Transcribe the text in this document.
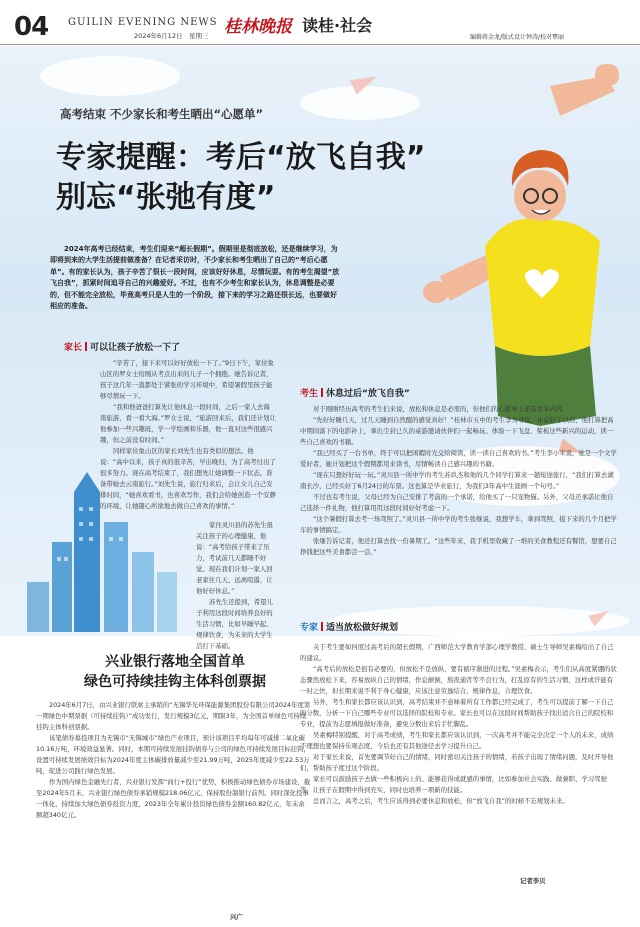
04 GUILIN EVENING NEWS
2024年6月12日　星期三 桂林晚报 读桂·社会
编辑蒋金龙/版式设计钟涛/校对覃丽
高考结束 不少家长和考生晒出“心愿单”
专家提醒：考后“放飞自我”
别忘“张弛有度”
2024年高考已经结束，考生们迎来“超长假期”。假期里是彻底放松，还是继续学习，为即将到来的大学生活提前做准备？在记者采访时，不少家长和考生晒出了自己的“考后心愿单”。有的家长认为，孩子辛苦了很长一段时间，应该好好休息，尽情玩耍。有的考生渴望“放飞自我”，抓紧时间追寻自己的兴趣爱好。不过，也有不少考生和家长认为，休息调整是必要的，但不能完全放松，毕竟高考只是人生的一个阶段，接下来的学习之路还很长远，也要做好相应的准备。
家长 可以让孩子放松一下了

“辛苦了，接下来可以好好放松一下了。”9日下午，家住象山区的罗女士给刚从考点出来的儿子一个拥抱。她告诉记者，孩子这几年一直都处于紧张的学习环境中，希望暑假里孩子能够尽情玩一下。

“我和他爸爸打算先让他休息一段时间，之后一家人去海南旅游，看一看大海。”罗女士说，“旅游回来后，我们还计划让他参加一些兴趣班，学一学绘画和乐器，他一直对这些很感兴趣，但之前没有时间。”

同样家住象山区的家长刘先生也有类似的想法。他说：“高中以来，孩子真的很辛苦，早出晚归，为了高考付出了很多努力。现在高考结束了，我们想先让她调整一下状态，准备带她去云南旅行。”刘先生说，旅行归来后，会让女儿自己安排时间，“她喜欢看书，也喜欢写作，我们会给她创造一个安静的环境，让她随心所欲地去做自己喜欢的事情。”

家住灵川县的苏先生很关注孩子的心理健康，他说：“高考给孩子带来了压力，考试前几天都睡不好觉。现在我们计划一家人回老家住几天，远离喧嚣，让他好好休息。”

苏先生还提到，希望儿子利用这段时间培养良好的生活习惯，比如早睡早起、规律饮食，为未来的大学生活打下基础。

考生 休息过后“放飞自我”

对于刚刚经历高考的考生们来说，放松和休息是必需的，但他们的心愿单上还有更多内容。

“先好好睡几天，过几天睡到自然醒的感觉真好！”桂林市五中的考生李为寻说，休息好了以后，他打算把高中期间落下的电影补上，拿出尘封已久的桌游邀请伙伴们一起畅玩。体验一下飞盘、桨板这些新兴的运动，读一些自己喜欢的书籍。

“我已经买了一台书单，终于可以把闲暇时光交给阅读，读一读自己喜欢的书。”考生李小米说，她是一个文学爱好者，她计划把这个假期都用来读书，尽情畅读自己感兴趣的书籍。

“现在只想好好玩一玩。”灵川县一所中学的考生苏玖杰和他的几个同学打算来一趟短途旅行，“我们打算去湖南长沙，已经买好了6月24日的车票。这也算是毕业旅行，为我们3年高中生涯画一个句号。”

不过也有考生说，父母已经为自己安排了考前的一个承诺，给他买了一只宠物猫。另外，父母还承诺让他自己选择一件礼物，他打算用用这段时间好好考虑一下。

“这个暑假打算去考一场驾照了。”灵川县一所中学的考生张继说，我想学车，拿到驾照，接下来的几个月把学车的事情搞定。

张继告诉记者，他还打算去找一份暑期工。“这些年来，我手机里收藏了一堆的美食教程还有餐馆，想要自己挣钱把这些美食都尝一尝。”

专家 适当放松做好规划

关于考生要如何度过高考后的超长假期，广西师范大学教育学部心理学教授、硕士生导师吴素梅给出了自己的建议。

“高考后的放松是很有必要的，但放松不是放纵，要有循序渐进的过程。”吴素梅表示，考生们从高度紧绷的状态骤然放松下来，容易放纵自己的情绪，作息颠倒，熬夜通宵等不良行为，打乱原有的生活习惯，这样或许能有一时之快，但长期来说不利于身心健康，应该注意劳逸结合，规律作息，合理饮食。

另外，考生和家长都应该认识到，高考结束并不意味着所有工作都已经完成了，考生可以提前了解一下自己的分数，分析一下自己哪些专业可以选择的院校和专业。家长也可以在这段时间帮助孩子找出适合自己的院校和专业，提前为志愿填报做好准备，避免分数出来后手忙脚乱。

吴素梅特别提醒，对于高考成绩，考生和家长都应该认识到，一次高考并不能完全决定一个人的未来，成绩不理想也要保持乐观态度，今后也还有其他途径去学习提升自己。

对于家长来说，首先要调节好自己的情绪，同时密切关注孩子的情绪，若孩子出现了情绪问题，及时开导他们，帮助孩子度过这个阶段。

家长可以鼓励孩子去做一些积极向上的、能够获得成就感的事情，比如参加社会实践、做兼职、学习驾驶等，让孩子在假期中得到充实，同时也培养一项新的技能。

总而言之，高考之后，考生应该得到必要休息和放松，但“放飞自我”的时候不忘规划未来。

记者李贝
兴业银行落地全国首单
绿色可持续挂钩主体科创票据

2024年6月7日，由兴业银行联席主承销的“无锡华光环保能源集团股份有限公司2024年度第一期绿色中期票据（可持续挂钩）”成功发行，发行规模3亿元，期限3年，为全国首单绿色可持续挂钩主体科创票据。

该笔债券募投项目为无锡市“无锡城市”绿色产业项目，预计该项目平均每年可减排二氧化碳10.16万吨，环境效益显著。同时，本期可持续发展挂钩债券与公司的绿色可持续发展目标挂钩，设置可持续发展绩效目标为2024年度主体碳排放量减少至21.99万吨，2025年度减少至22.53万吨，促进公司践行绿色发展。

作为国内绿色金融先行者，兴业银行发挥“商行+投行”优势，积极推动绿色债券市场建设，截至2024年5月末，兴业银行绿色债券承销规模218.06亿元，保持股份制银行前列。同时深化投承一体化，持续加大绿色债券投资力度，2023年全年累计投资绿色债券金额160.82亿元，年末余额超340亿元。

兴广
